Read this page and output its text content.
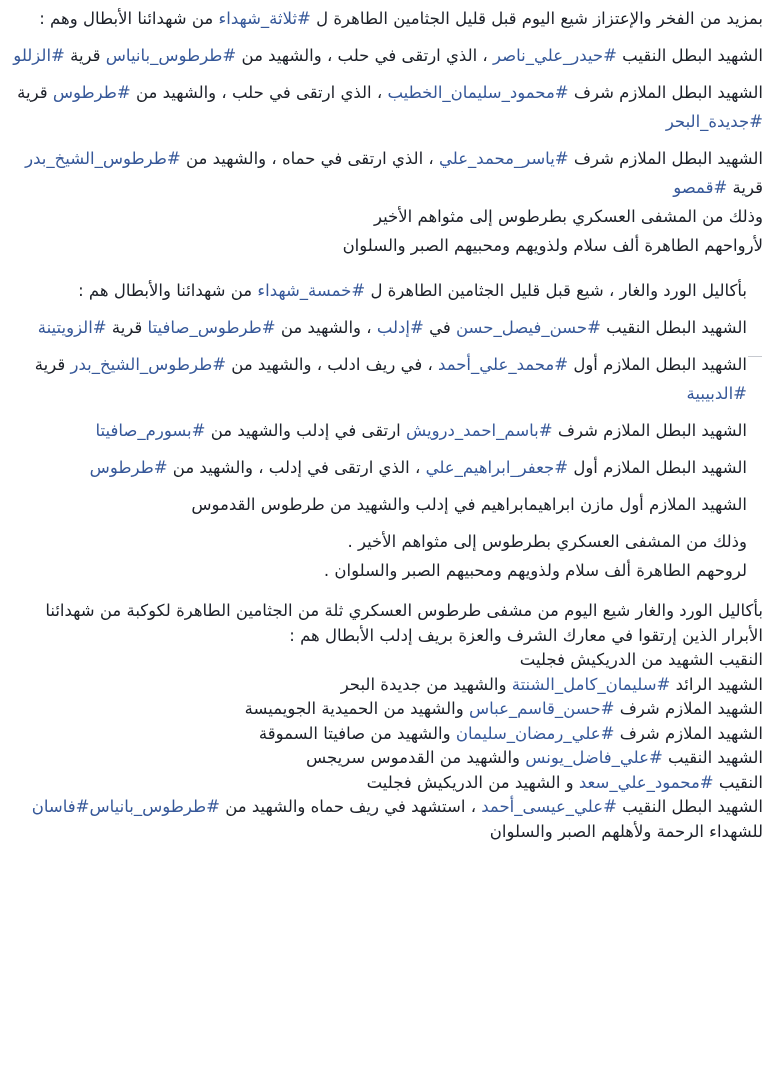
بمزيد من الفخر والإعتزاز شيع اليوم قبل قليل الجثامين الطاهرة ل #ثلاثة_شهداء من شهدائنا الأبطال وهم :

الشهيد البطل النقيب #حيدر_علي_ناصر ، الذي ارتقى في حلب ، والشهيد من #طرطوس_بانياس قرية #الزللو

الشهيد البطل الملازم شرف #محمود_سليمان_الخطيب ، الذي ارتقى في حلب ، والشهيد من #طرطوس قرية #جديدة_البحر

الشهيد البطل الملازم شرف #ياسر_محمد_علي ، الذي ارتقى في حماه ، والشهيد من #طرطوس_الشيخ_بدر قرية #قمصو

وذلك من المشفى العسكري بطرطوس إلى مثواهم الأخير

لأرواحهم الطاهرة ألف سلام ولذويهم ومحبيهم الصبر والسلوان

بأكاليل الورد والغار ، شيع قبل قليل الجثامين الطاهرة ل #خمسة_شهداء من شهدائنا والأبطال هم :

الشهيد البطل النقيب #حسن_فيصل_حسن في #إدلب ، والشهيد من #طرطوس_صافيتا قرية #الزويتينة

الشهيد البطل الملازم أول #محمد_علي_أحمد ، في ريف ادلب ، والشهيد من #طرطوس_الشيخ_بدر قرية #الدبيبية

الشهيد البطل الملازم شرف #باسم_احمد_درويش ارتقى في إدلب والشهيد من #بسورم_صافيتا

الشهيد البطل الملازم أول #جعفر_ابراهيم_علي ، الذي ارتقى في إدلب ، والشهيد من #طرطوس

الشهيد الملازم أول مازن ابراهيمابراهيم في إدلب والشهيد من طرطوس القدموس

وذلك من المشفى العسكري بطرطوس إلى مثواهم الأخير .

لروحهم الطاهرة ألف سلام ولذويهم ومحبيهم الصبر والسلوان .

بأكاليل الورد والغار شيع اليوم من مشفى طرطوس العسكري ثلة من الجثامين الطاهرة لكوكبة من شهدائنا الأبرار الذين إرتقوا في معارك الشرف والعزة بريف إدلب الأبطال هم :

النقيب الشهيد من الدريكيش فجليت

الشهيد الرائد #سليمان_كامل_الشنتة والشهيد من جديدة البحر

الشهيد الملازم شرف #حسن_قاسم_عباس والشهيد من الحميدية الجويميسة

الشهيد الملازم شرف #علي_رمضان_سليمان والشهيد من صافيتا السموقة

الشهيد النقيب #علي_فاضل_يونس والشهيد من القدموس سريجس

النقيب #محمود_علي_سعد و الشهيد من الدريكيش فجليت

الشهيد البطل النقيب #علي_عيسى_أحمد ، استشهد في ريف حماه والشهيد من #طرطوس_بانياس#فاسان

للشهداء الرحمة ولأهلهم الصبر والسلوان
